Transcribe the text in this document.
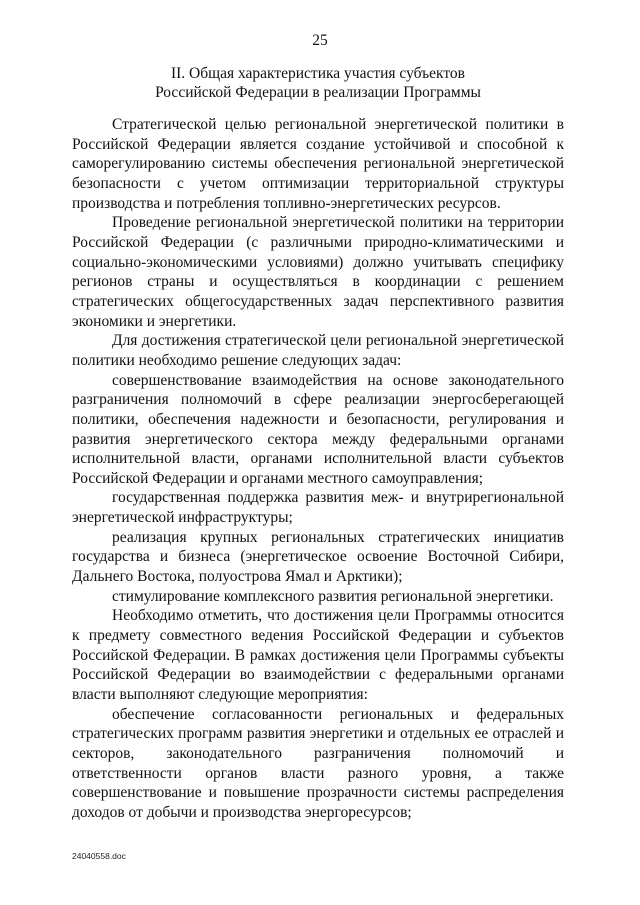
25
II. Общая характеристика участия субъектов
Российской Федерации в реализации Программы

Стратегической целью региональной энергетической политики в Российской Федерации является создание устойчивой и способной к саморегулированию системы обеспечения региональной энергетической безопасности с учетом оптимизации территориальной структуры производства и потребления топливно-энергетических ресурсов.

Проведение региональной энергетической политики на территории Российской Федерации (с различными природно-климатическими и социально-экономическими условиями) должно учитывать специфику регионов страны и осуществляться в координации с решением стратегических общегосударственных задач перспективного развития экономики и энергетики.

Для достижения стратегической цели региональной энергетической политики необходимо решение следующих задач:

совершенствование взаимодействия на основе законодательного разграничения полномочий в сфере реализации энергосберегающей политики, обеспечения надежности и безопасности, регулирования и развития энергетического сектора между федеральными органами исполнительной власти, органами исполнительной власти субъектов Российской Федерации и органами местного самоуправления;

государственная поддержка развития меж- и внутрирегиональной энергетической инфраструктуры;

реализация крупных региональных стратегических инициатив государства и бизнеса (энергетическое освоение Восточной Сибири, Дальнего Востока, полуострова Ямал и Арктики);

стимулирование комплексного развития региональной энергетики.

Необходимо отметить, что достижения цели Программы относится к предмету совместного ведения Российской Федерации и субъектов Российской Федерации. В рамках достижения цели Программы субъекты Российской Федерации во взаимодействии с федеральными органами власти выполняют следующие мероприятия:

обеспечение согласованности региональных и федеральных стратегических программ развития энергетики и отдельных ее отраслей и секторов, законодательного разграничения полномочий и ответственности органов власти разного уровня, а также совершенствование и повышение прозрачности системы распределения доходов от добычи и производства энергоресурсов;

24040558.doc
